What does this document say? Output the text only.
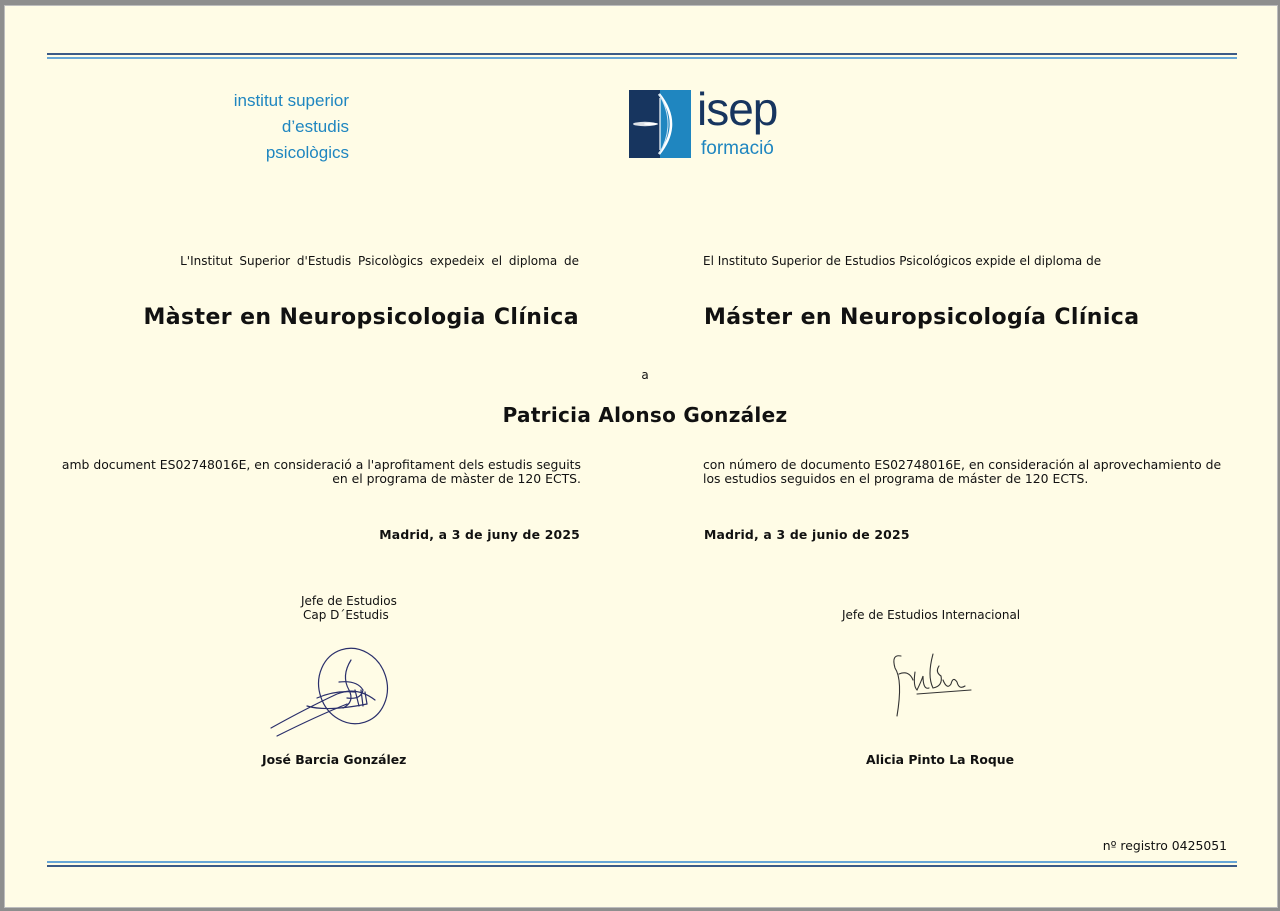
institut superior
d’estudis
psicològics
isep
formació
L'Institut Superior d'Estudis Psicològics expedeix el diploma de	El Instituto Superior de Estudios Psicológicos expide el diploma de
Màster en Neuropsicologia Clínica	Máster en Neuropsicología Clínica
a
Patricia Alonso González
amb document ES02748016E, en consideració a l'aprofitament dels estudis seguits
en el programa de màster de 120 ECTS.
con número de documento ES02748016E, en consideración al aprovechamiento de
los estudios seguidos en el programa de máster de 120 ECTS.
Madrid, a 3 de juny de 2025	Madrid, a 3 de junio de 2025
Jefe de Estudios
Cap D´Estudis	Jefe de Estudios Internacional
José Barcia González	Alicia Pinto La Roque
nº registro 0425051
